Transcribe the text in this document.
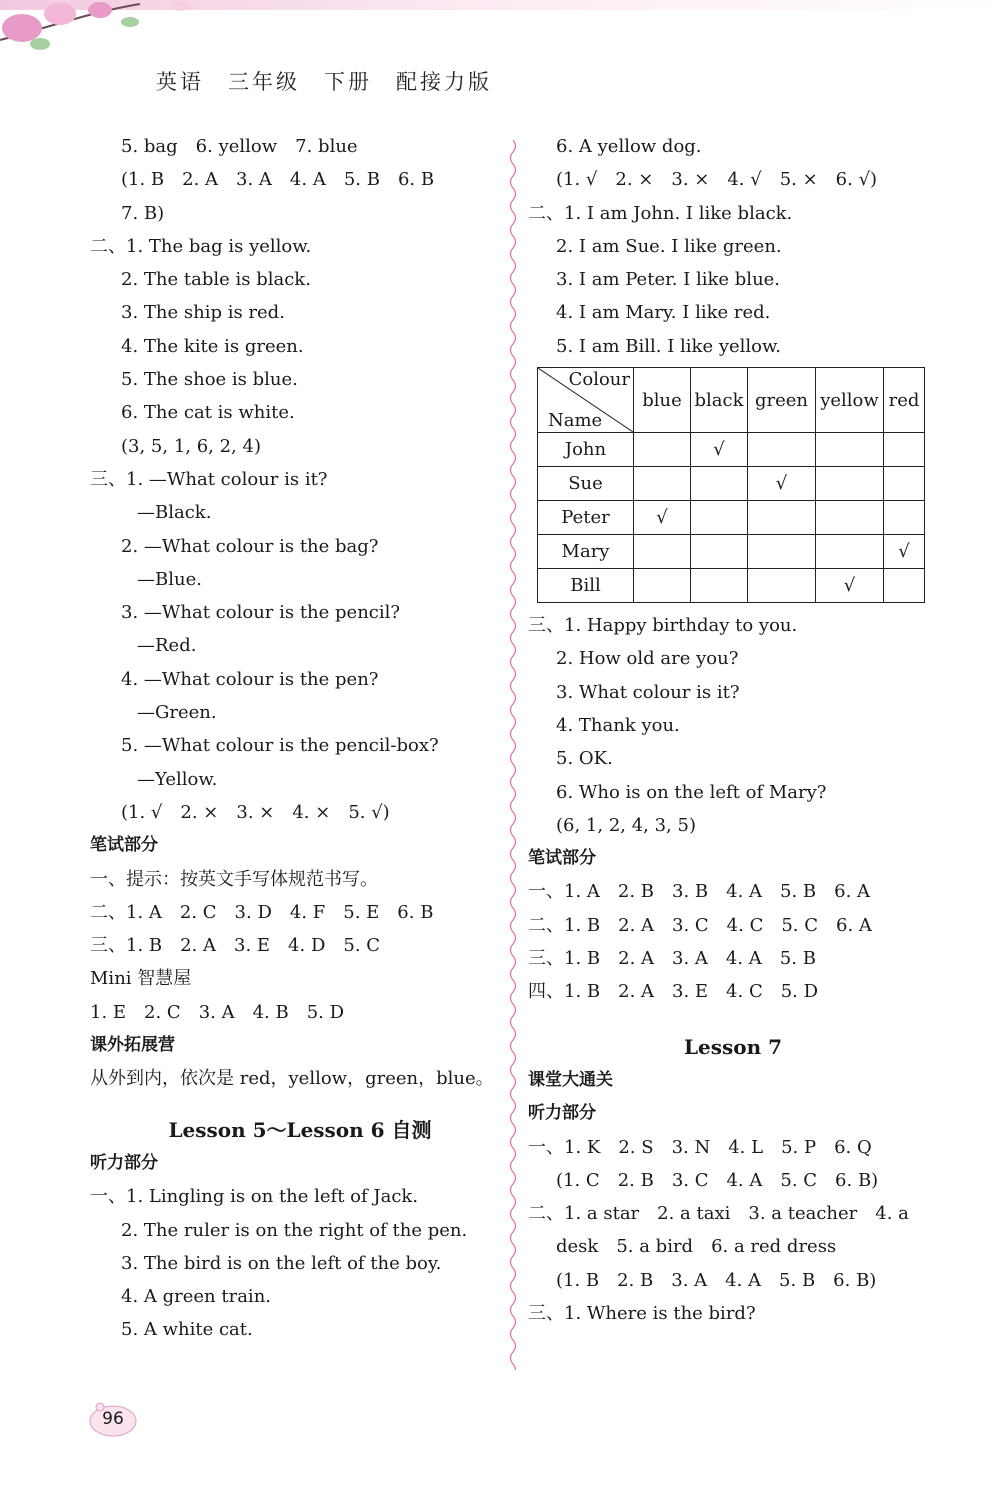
英语　三年级　下册　配接力版
5. bag　6. yellow　7. blue
(1. B　2. A　3. A　4. A　5. B　6. B
7. B)
二、1. The bag is yellow.
2. The table is black.
3. The ship is red.
4. The kite is green.
5. The shoe is blue.
6. The cat is white.
(3, 5, 1, 6, 2, 4)
三、1. —What colour is it?
—Black.
2. —What colour is the bag?
—Blue.
3. —What colour is the pencil?
—Red.
4. —What colour is the pen?
—Green.
5. —What colour is the pencil-box?
—Yellow.
(1. √　2. ×　3. ×　4. ×　5. √)
笔试部分
一、提示：按英文手写体规范书写。
二、1. A　2. C　3. D　4. F　5. E　6. B
三、1. B　2. A　3. E　4. D　5. C
Mini 智慧屋
1. E　2. C　3. A　4. B　5. D
课外拓展营
从外到内，依次是 red，yellow，green，blue。
Lesson 5～Lesson 6 自测
听力部分
一、1. Lingling is on the left of Jack.
2. The ruler is on the right of the pen.
3. The bird is on the left of the boy.
4. A green train.
5. A white cat.
6. A yellow dog.
(1. √　2. ×　3. ×　4. √　5. ×　6. √)
二、1. I am John. I like black.
2. I am Sue. I like green.
3. I am Peter. I like blue.
4. I am Mary. I like red.
5. I am Bill. I like yellow.
Colour
Name	blue	black	green	yellow	red
John		√			
Sue			√		
Peter	√				
Mary					√
Bill				√	
三、1. Happy birthday to you.
2. How old are you?
3. What colour is it?
4. Thank you.
5. OK.
6. Who is on the left of Mary?
(6, 1, 2, 4, 3, 5)
笔试部分
一、1. A　2. B　3. B　4. A　5. B　6. A
二、1. B　2. A　3. C　4. C　5. C　6. A
三、1. B　2. A　3. A　4. A　5. B
四、1. B　2. A　3. E　4. C　5. D
Lesson 7
课堂大通关
听力部分
一、1. K　2. S　3. N　4. L　5. P　6. Q
(1. C　2. B　3. C　4. A　5. C　6. B)
二、1. a star　2. a taxi　3. a teacher　4. a
desk　5. a bird　6. a red dress
(1. B　2. B　3. A　4. A　5. B　6. B)
三、1. Where is the bird?
96
